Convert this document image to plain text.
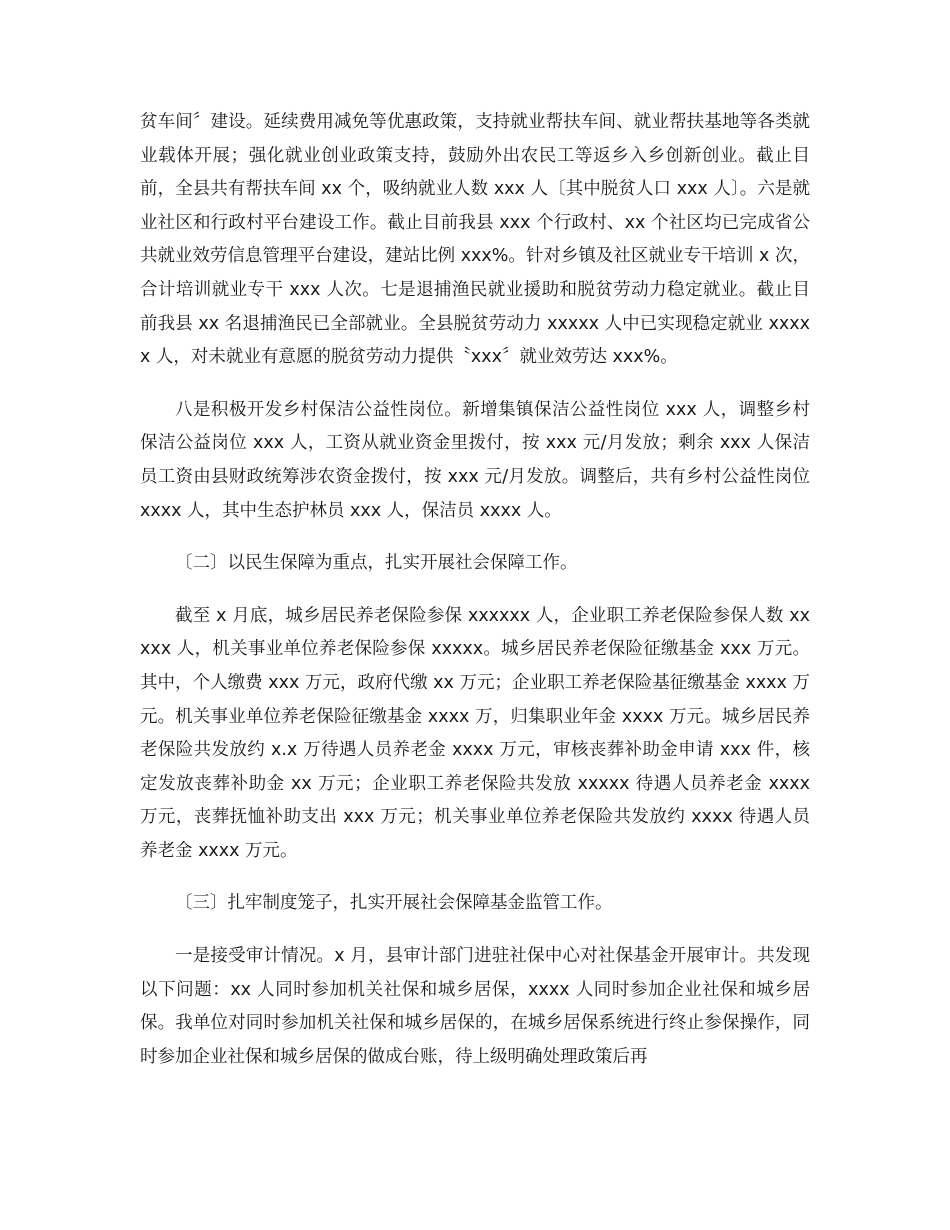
贫车间〞建设。延续费用减免等优惠政策，支持就业帮扶车间、就业帮扶基地等各类就业载体开展；强化就业创业政策支持，鼓励外出农民工等返乡入乡创新创业。截止目前，全县共有帮扶车间 xx 个，吸纳就业人数 xxx 人〔其中脱贫人口 xxx 人〕。六是就业社区和行政村平台建设工作。截止目前我县 xxx 个行政村、xx 个社区均已完成省公共就业效劳信息管理平台建设，建站比例 xxx%。针对乡镇及社区就业专干培训 x 次，合计培训就业专干 xxx 人次。七是退捕渔民就业援助和脱贫劳动力稳定就业。截止目前我县 xx 名退捕渔民已全部就业。全县脱贫劳动力 xxxxx 人中已实现稳定就业 xxxxx 人，对未就业有意愿的脱贫劳动力提供〝xxx〞就业效劳达 xxx%。

八是积极开发乡村保洁公益性岗位。新增集镇保洁公益性岗位 xxx 人，调整乡村保洁公益岗位 xxx 人，工资从就业资金里拨付，按 xxx 元/月发放；剩余 xxx 人保洁员工资由县财政统筹涉农资金拨付，按 xxx 元/月发放。调整后，共有乡村公益性岗位 xxxx 人，其中生态护林员 xxx 人，保洁员 xxxx 人。

〔二〕以民生保障为重点，扎实开展社会保障工作。

截至 x 月底，城乡居民养老保险参保 xxxxxx 人，企业职工养老保险参保人数 xxxxx 人，机关事业单位养老保险参保 xxxxx。城乡居民养老保险征缴基金 xxx 万元。其中，个人缴费 xxx 万元，政府代缴 xx 万元；企业职工养老保险基征缴基金 xxxx 万元。机关事业单位养老保险征缴基金 xxxx 万，归集职业年金 xxxx 万元。城乡居民养老保险共发放约 x.x 万待遇人员养老金 xxxx 万元，审核丧葬补助金申请 xxx 件，核定发放丧葬补助金 xx 万元；企业职工养老保险共发放 xxxxx 待遇人员养老金 xxxx 万元，丧葬抚恤补助支出 xxx 万元；机关事业单位养老保险共发放约 xxxx 待遇人员养老金 xxxx 万元。

〔三〕扎牢制度笼子，扎实开展社会保障基金监管工作。

一是接受审计情况。x 月，县审计部门进驻社保中心对社保基金开展审计。共发现以下问题：xx 人同时参加机关社保和城乡居保，xxxx 人同时参加企业社保和城乡居保。我单位对同时参加机关社保和城乡居保的，在城乡居保系统进行终止参保操作，同时参加企业社保和城乡居保的做成台账，待上级明确处理政策后再
